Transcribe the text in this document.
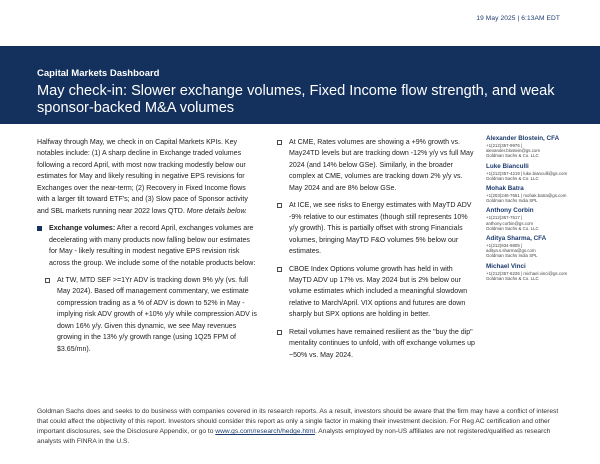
19 May 2025 | 6:13AM EDT
Capital Markets Dashboard
May check-in: Slower exchange volumes, Fixed Income flow strength, and weak sponsor-backed M&A volumes

Halfway through May, we check in on Capital Markets KPIs. Key notables include: (1) A sharp decline in Exchange traded volumes following a record April, with most now tracking modestly below our estimates for May and likely resulting in negative EPS revisions for Exchanges over the near-term; (2) Recovery in Fixed Income flows with a larger tilt toward ETF's; and (3) Slow pace of Sponsor activity and SBL markets running near 2022 lows QTD. More details below.

Exchange volumes: After a record April, exchanges volumes are decelerating with many products now falling below our estimates for May - likely resulting in modest negative EPS revision risk across the group. We include some of the notable products below:
At TW, MTD SEF >=1Yr ADV is tracking down 9% y/y (vs. full May 2024). Based off management commentary, we estimate compression trading as a % of ADV is down to 52% in May - implying risk ADV growth of +10% y/y while compression ADV is down 16% y/y. Given this dynamic, we see May revenues growing in the 13% y/y growth range (using 1Q25 FPM of $3.65/mn).
At CME, Rates volumes are showing a +9% growth vs. May24TD levels but are tracking down -12% y/y vs full May 2024 (and 14% below GSe). Similarly, in the broader complex at CME, volumes are tracking down 2% y/y vs. May 2024 and are 8% below GSe.
At ICE, we see risks to Energy estimates with MayTD ADV -9% relative to our estimates (though still represents 10% y/y growth). This is partially offset with strong Financials volumes, bringing MayTD F&O volumes 5% below our estimates.
CBOE Index Options volume growth has held in with MayTD ADV up 17% vs. May 2024 but is 2% below our volume estimates which included a meaningful slowdown relative to March/April. VIX options and futures are down sharply but SPX options are holding in better.
Retail volumes have remained resilient as the "buy the dip" mentality continues to unfold, with off exchange volumes up ~50% vs. May 2024.
Alexander Blostein, CFA
+1(212)357-9976 |
alexander.blostein@gs.com
Goldman Sachs & Co. LLC
Luke Bianculli
+1(212)357-4219 | luke.bianculli@gs.com
Goldman Sachs & Co. LLC
Mohak Batra
+1(203)246-7661 | mohak.batra@gs.com
Goldman Sachs India SPL
Anthony Corbin
+1(212)357-7517 |
anthony.corbin@gs.com
Goldman Sachs & Co. LLC
Aditya Sharma, CFA
+1(212)934-9805 |
aditya.s.sharma@gs.com
Goldman Sachs India SPL
Michael Vinci
+1(212)357-6226 | michael.vinci@gs.com
Goldman Sachs & Co. LLC
Goldman Sachs does and seeks to do business with companies covered in its research reports. As a result, investors should be aware that the firm may have a conflict of interest that could affect the objectivity of this report. Investors should consider this report as only a single factor in making their investment decision. For Reg AC certification and other important disclosures, see the Disclosure Appendix, or go to www.gs.com/research/hedge.html. Analysts employed by non-US affiliates are not registered/qualified as research analysts with FINRA in the U.S.
